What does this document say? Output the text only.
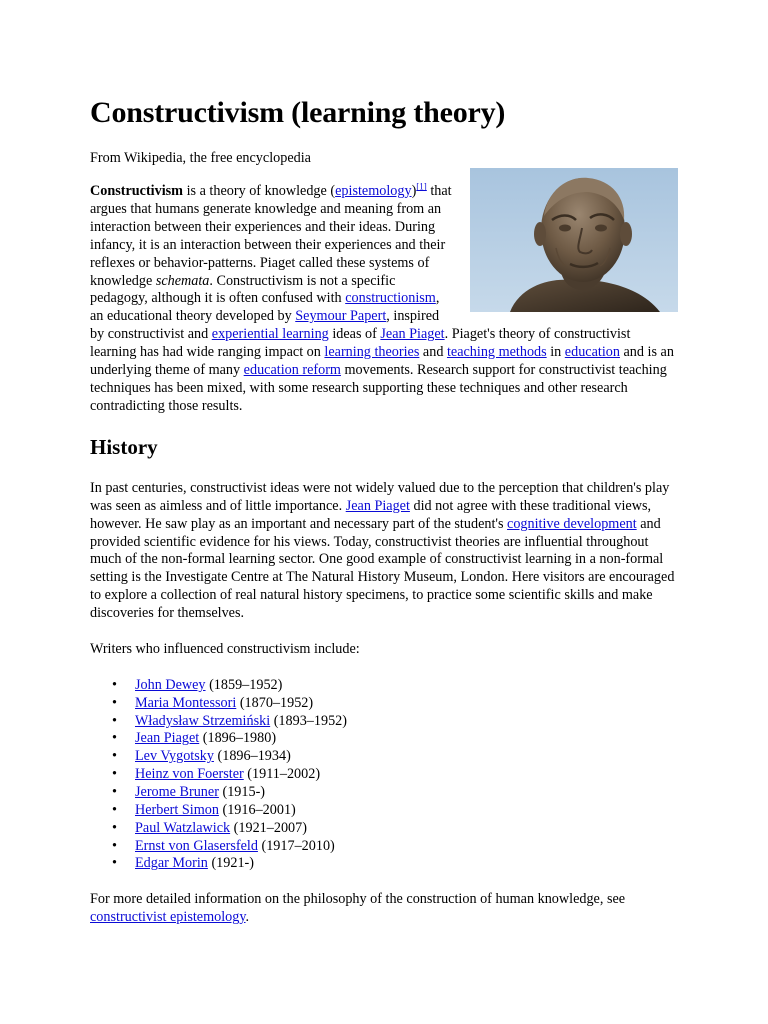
Constructivism (learning theory)

From Wikipedia, the free encyclopedia

Constructivism is a theory of knowledge (epistemology)[1] that argues that humans generate knowledge and meaning from an interaction between their experiences and their ideas. During infancy, it is an interaction between their experiences and their reflexes or behavior-patterns. Piaget called these systems of knowledge schemata. Constructivism is not a specific pedagogy, although it is often confused with constructionism, an educational theory developed by Seymour Papert, inspired by constructivist and experiential learning ideas of Jean Piaget. Piaget's theory of constructivist learning has had wide ranging impact on learning theories and teaching methods in education and is an underlying theme of many education reform movements. Research support for constructivist teaching techniques has been mixed, with some research supporting these techniques and other research contradicting those results.

History

In past centuries, constructivist ideas were not widely valued due to the perception that children's play was seen as aimless and of little importance. Jean Piaget did not agree with these traditional views, however. He saw play as an important and necessary part of the student's cognitive development and provided scientific evidence for his views. Today, constructivist theories are influential throughout much of the non-formal learning sector. One good example of constructivist learning in a non-formal setting is the Investigate Centre at The Natural History Museum, London. Here visitors are encouraged to explore a collection of real natural history specimens, to practice some scientific skills and make discoveries for themselves.

Writers who influenced constructivism include:

• John Dewey (1859–1952)
• Maria Montessori (1870–1952)
• Władysław Strzemiński (1893–1952)
• Jean Piaget (1896–1980)
• Lev Vygotsky (1896–1934)
• Heinz von Foerster (1911–2002)
• Jerome Bruner (1915-)
• Herbert Simon (1916–2001)
• Paul Watzlawick (1921–2007)
• Ernst von Glasersfeld (1917–2010)
• Edgar Morin (1921-)

For more detailed information on the philosophy of the construction of human knowledge, see constructivist epistemology.
